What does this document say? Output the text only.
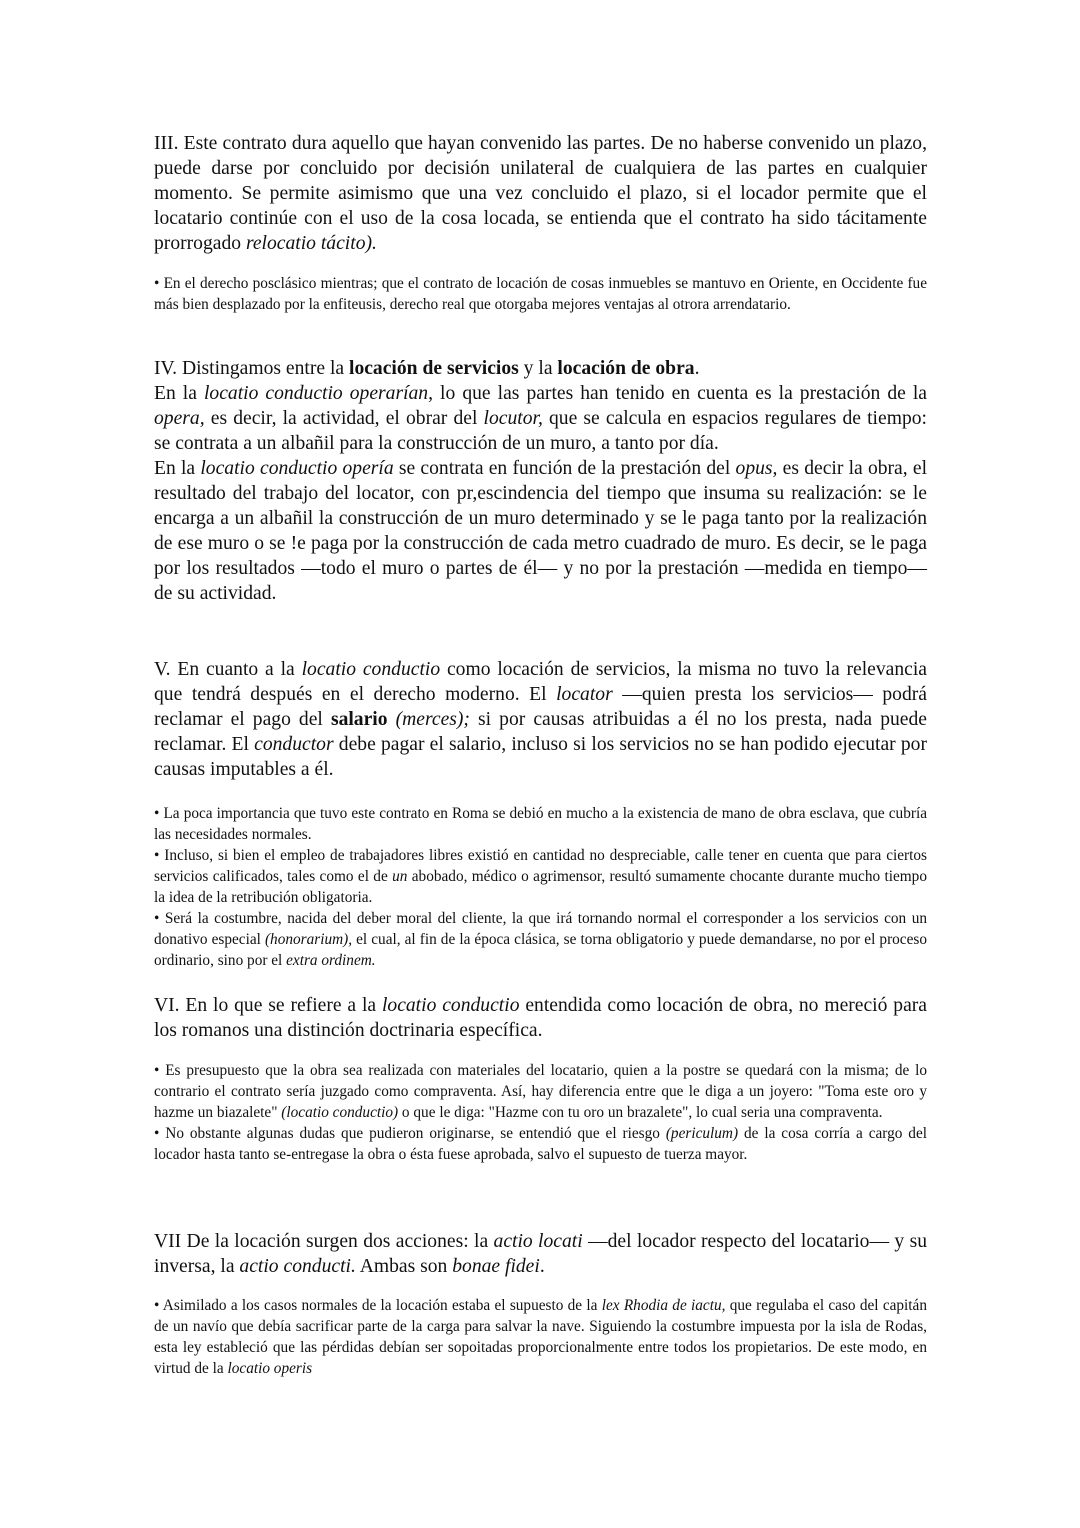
III. Este contrato dura aquello que hayan convenido las partes. De no haberse convenido un plazo, puede darse por concluido por decisión unilateral de cualquiera de las partes en cualquier momento. Se permite asimismo que una vez concluido el plazo, si el locador permite que el locatario continúe con el uso de la cosa locada, se entienda que el contrato ha sido tácitamente prorrogado relocatio tácito).

• En el derecho posclásico mientras; que el contrato de locación de cosas inmuebles se mantuvo en Oriente, en Occidente fue más bien desplazado por la enfiteusis, derecho real que otorgaba mejores ventajas al otrora arrendatario.

IV. Distingamos entre la locación de servicios y la locación de obra.

En la locatio conductio operarían, lo que las partes han tenido en cuenta es la prestación de la opera, es decir, la actividad, el obrar del locutor, que se calcula en espacios regulares de tiempo: se contrata a un albañil para la construcción de un muro, a tanto por día.

En la locatio conductio opería se contrata en función de la prestación del opus, es decir la obra, el resultado del trabajo del locator, con pr,escindencia del tiempo que insuma su realización: se le encarga a un albañil la construcción de un muro determinado y se le paga tanto por la realización de ese muro o se !e paga por la construcción de cada metro cuadrado de muro. Es decir, se le paga por los resultados —todo el muro o partes de él— y no por la prestación —medida en tiempo— de su actividad.

V. En cuanto a la locatio conductio como locación de servicios, la misma no tuvo la relevancia que tendrá después en el derecho moderno. El locator —quien presta los servicios— podrá reclamar el pago del salario (merces); si por causas atribuidas a él no los presta, nada puede reclamar. El conductor debe pagar el salario, incluso si los servicios no se han podido ejecutar por causas imputables a él.

• La poca importancia que tuvo este contrato en Roma se debió en mucho a la existencia de mano de obra esclava, que cubría las necesidades normales.

• Incluso, si bien el empleo de trabajadores libres existió en cantidad no despreciable, calle tener en cuenta que para ciertos servicios calificados, tales como el de un abobado, médico o agrimensor, resultó sumamente chocante durante mucho tiempo la idea de la retribución obligatoria.

• Será la costumbre, nacida del deber moral del cliente, la que irá tornando normal el corresponder a los servicios con un donativo especial (honorarium), el cual, al fin de la época clásica, se torna obligatorio y puede demandarse, no por el proceso ordinario, sino por el extra ordinem.

VI. En lo que se refiere a la locatio conductio entendida como locación de obra, no mereció para los romanos una distinción doctrinaria específica.

• Es presupuesto que la obra sea realizada con materiales del locatario, quien a la postre se quedará con la misma; de lo contrario el contrato sería juzgado como compraventa. Así, hay diferencia entre que le diga a un joyero: "Toma este oro y hazme un biazalete" (locatio conductio) o que le diga: "Hazme con tu oro un brazalete", lo cual seria una compraventa.

• No obstante algunas dudas que pudieron originarse, se entendió que el riesgo (periculum) de la cosa corría a cargo del locador hasta tanto se-entregase la obra o ésta fuese aprobada, salvo el supuesto de tuerza mayor.

VII De la locación surgen dos acciones: la actio locati —del locador respecto del locatario— y su inversa, la actio conducti. Ambas son bonae fidei.

• Asimilado a los casos normales de la locación estaba el supuesto de la lex Rhodia de iactu, que regulaba el caso del capitán de un navío que debía sacrificar parte de la carga para salvar la nave. Siguiendo la costumbre impuesta por la isla de Rodas, esta ley estableció que las pérdidas debían ser sopoitadas proporcionalmente entre todos los propietarios. De este modo, en virtud de la locatio operis
